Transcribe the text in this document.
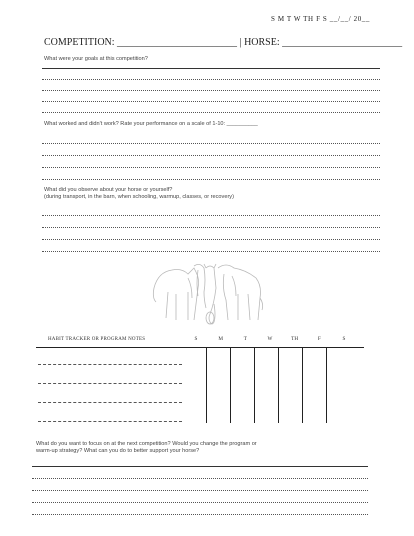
S M T W TH F S __/__/ 20__
COMPETITION: ________________________ | HORSE: ________________________
What were your goals at this competition?
What worked and didn't work? Rate your performance on a scale of 1-10: __________
What did you observe about your horse or yourself?
(during transport, in the barn, when schooling, warmup, classes, or recovery)
HABIT TRACKER OR PROGRAM NOTES	S	M	T	W	TH	F	S
What do you want to focus on at the next competition? Would you change the program or
warm-up strategy? What can you do to better support your horse?
